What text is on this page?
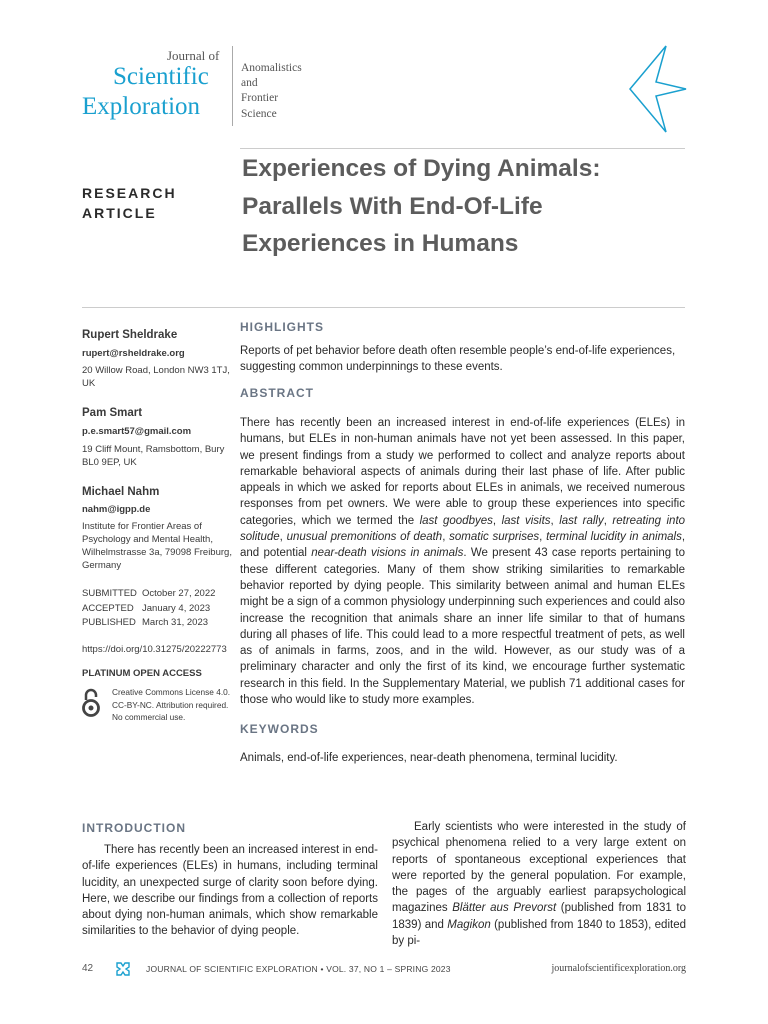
Journal of
Scientific
Exploration
Anomalistics
and
Frontier
Science
RESEARCH
ARTICLE
Experiences of Dying Animals:
Parallels With End-Of-Life
Experiences in Humans
Rupert Sheldrake
rupert@rsheldrake.org
20 Willow Road, London NW3 1TJ, UK
Pam Smart
p.e.smart57@gmail.com
19 Cliff Mount, Ramsbottom, Bury BL0 9EP, UK
Michael Nahm
nahm@igpp.de
Institute for Frontier Areas of Psychology and Mental Health, Wilhelmstrasse 3a, 79098 Freiburg, Germany
SUBMITTED October 27, 2022
ACCEPTED January 4, 2023
PUBLISHED March 31, 2023
https://doi.org/10.31275/20222773
PLATINUM OPEN ACCESS
Creative Commons License 4.0.
CC-BY-NC. Attribution required.
No commercial use.
HIGHLIGHTS
Reports of pet behavior before death often resemble people’s end-of-life experiences, suggesting common underpinnings to these events.
ABSTRACT
There has recently been an increased interest in end-of-life experiences (ELEs) in humans, but ELEs in non-human animals have not yet been assessed. In this paper, we present findings from a study we performed to collect and analyze reports about remarkable behavioral aspects of animals during their last phase of life. After public appeals in which we asked for reports about ELEs in animals, we received numerous responses from pet owners. We were able to group these experiences into specific categories, which we termed the last goodbyes, last visits, last rally, retreating into solitude, unusual premonitions of death, somatic surprises, terminal lucidity in animals, and potential near-death visions in animals. We present 43 case reports pertaining to these different categories. Many of them show striking similarities to remarkable behavior reported by dying people. This similarity between animal and human ELEs might be a sign of a common physiology underpinning such experiences and could also increase the recognition that animals share an inner life similar to that of humans during all phases of life. This could lead to a more respectful treatment of pets, as well as of animals in farms, zoos, and in the wild. However, as our study was of a preliminary character and only the first of its kind, we encourage further systematic research in this field. In the Supplementary Material, we publish 71 additional cases for those who would like to study more examples.
KEYWORDS
Animals, end-of-life experiences, near-death phenomena, terminal lucidity.
INTRODUCTION
There has recently been an increased interest in end-of-life experiences (ELEs) in humans, including terminal lucidity, an unexpected surge of clarity soon before dying. Here, we describe our findings from a collection of reports about dying non-human animals, which show remarkable similarities to the behavior of dying people.
Early scientists who were interested in the study of psychical phenomena relied to a very large extent on reports of spontaneous exceptional experiences that were reported by the general population. For example, the pages of the arguably earliest parapsychological magazines Blätter aus Prevorst (published from 1831 to 1839) and Magikon (published from 1840 to 1853), edited by pi-
42	JOURNAL OF SCIENTIFIC EXPLORATION • VOL. 37, NO 1 – SPRING 2023	journalofscientificexploration.org
